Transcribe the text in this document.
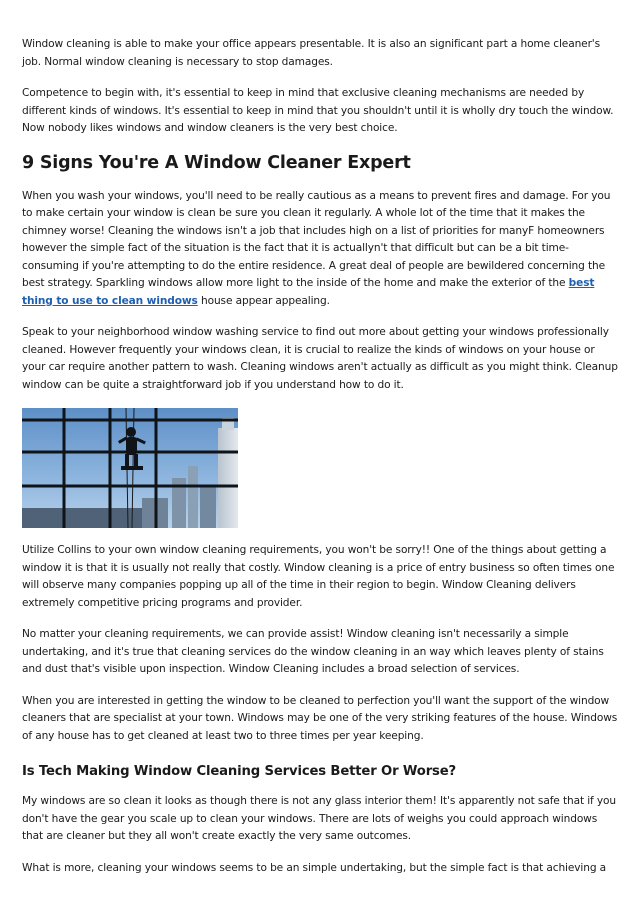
Window cleaning is able to make your office appears presentable. It is also an significant part a home cleaner's job. Normal window cleaning is necessary to stop damages.

Competence to begin with, it's essential to keep in mind that exclusive cleaning mechanisms are needed by different kinds of windows. It's essential to keep in mind that you shouldn't until it is wholly dry touch the window. Now nobody likes windows and window cleaners is the very best choice.

9 Signs You're A Window Cleaner Expert

When you wash your windows, you'll need to be really cautious as a means to prevent fires and damage. For you to make certain your window is clean be sure you clean it regularly. A whole lot of the time that it makes the chimney worse! Cleaning the windows isn't a job that includes high on a list of priorities for manyF homeowners however the simple fact of the situation is the fact that it is actuallyn't that difficult but can be a bit time-consuming if you're attempting to do the entire residence. A great deal of people are bewildered concerning the best strategy. Sparkling windows allow more light to the inside of the home and make the exterior of the best thing to use to clean windows house appear appealing.

Speak to your neighborhood window washing service to find out more about getting your windows professionally cleaned. However frequently your windows clean, it is crucial to realize the kinds of windows on your house or your car require another pattern to wash. Cleaning windows aren't actually as difficult as you might think. Cleanup window can be quite a straightforward job if you understand how to do it.

Utilize Collins to your own window cleaning requirements, you won't be sorry!! One of the things about getting a window it is that it is usually not really that costly. Window cleaning is a price of entry business so often times one will observe many companies popping up all of the time in their region to begin. Window Cleaning delivers extremely competitive pricing programs and provider.

No matter your cleaning requirements, we can provide assist! Window cleaning isn't necessarily a simple undertaking, and it's true that cleaning services do the window cleaning in an way which leaves plenty of stains and dust that's visible upon inspection. Window Cleaning includes a broad selection of services.

When you are interested in getting the window to be cleaned to perfection you'll want the support of the window cleaners that are specialist at your town. Windows may be one of the very striking features of the house. Windows of any house has to get cleaned at least two to three times per year keeping.

Is Tech Making Window Cleaning Services Better Or Worse?

My windows are so clean it looks as though there is not any glass interior them! It's apparently not safe that if you don't have the gear you scale up to clean your windows. There are lots of weighs you could approach windows that are cleaner but they all won't create exactly the very same outcomes.

What is more, cleaning your windows seems to be an simple undertaking, but the simple fact is that achieving a
